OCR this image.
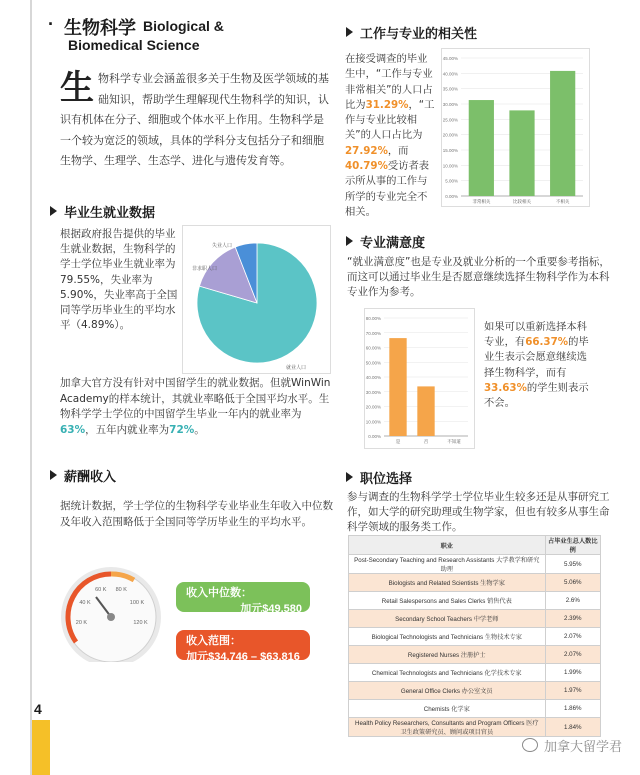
· 生物科学 Biological &
Biomedical Science
生 物科学专业会涵盖很多关于生物及医学领域的基础知识，帮助学生理解现代生物科学的知识，认识有机体在分子、细胞或个体水平上作用。生物科学是一个较为宽泛的领域，具体的学科分支包括分子和细胞生物学、生理学、生态学、进化与遗传发育等。
工作与专业的相关性
在接受调查的毕业生中，“工作与专业非常相关”的人口占比为31.29%，“工作与专业比较相关”的人口占比为27.92%，而40.79%受访者表示所从事的工作与所学的专业完全不相关。
0.00%
5.00%
10.00%
15.00%
20.00%
25.00%
30.00%
35.00%
40.00%
45.00%
非常相关	比较相关	不相关
毕业生就业数据
根据政府报告提供的毕业生就业数据，生物科学的学士学位毕业生就业率为79.55%，失业率为5.90%，失业率高于全国同等学历毕业生的平均水平（4.89%）。
就业人口
非求职人口
失业人口
加拿大官方没有针对中国留学生的就业数据。但就WinWin Academy的样本统计，其就业率略低于全国平均水平。生物科学学士学位的中国留学生毕业一年内的就业率为63%，五年内就业率为72%。
专业满意度
“就业满意度”也是专业及就业分析的一个重要参考指标，而这可以通过毕业生是否愿意继续选择生物科学作为本科专业作为参考。
0.00%
10.00%
20.00%
30.00%
40.00%
50.00%
60.00%
70.00%
80.00%
是	否	不知道
如果可以重新选择本科专业，有66.37%的毕业生表示会愿意继续选择生物科学，而有33.63%的学生则表示不会。
薪酬收入
据统计数据，学士学位的生物科学专业毕业生年收入中位数及年收入范围略低于全国同等学历毕业生的平均水平。
20 K
40 K
60 K 80 K
100 K
120 K
收入中位数：
加元$49,580
收入范围：
加元$34,746 – $63,816
职位选择
参与调查的生物科学学士学位毕业生较多还是从事研究工作，如大学的研究助理或生物学家，但也有较多从事生命科学领域的服务类工作。
职业	占毕业生总人数比例
Post-Secondary Teaching and Research Assistants 大学教学和研究助理	5.95%
Biologists and Related Scientists 生物学家	5.06%
Retail Salespersons and Sales Clerks 销售代表	2.6%
Secondary School Teachers 中学老师	2.39%
Biological Technologists and Technicians 生物技术专家	2.07%
Registered Nurses 注册护士	2.07%
Chemical Technologists and Technicians 化学技术专家	1.99%
General Office Clerks 办公室文员	1.97%
Chemists 化学家	1.86%
Health Policy Researchers, Consultants and Program Officers 医疗卫生政策研究员、顾问或项目官员	1.84%
4
加拿大留学君
